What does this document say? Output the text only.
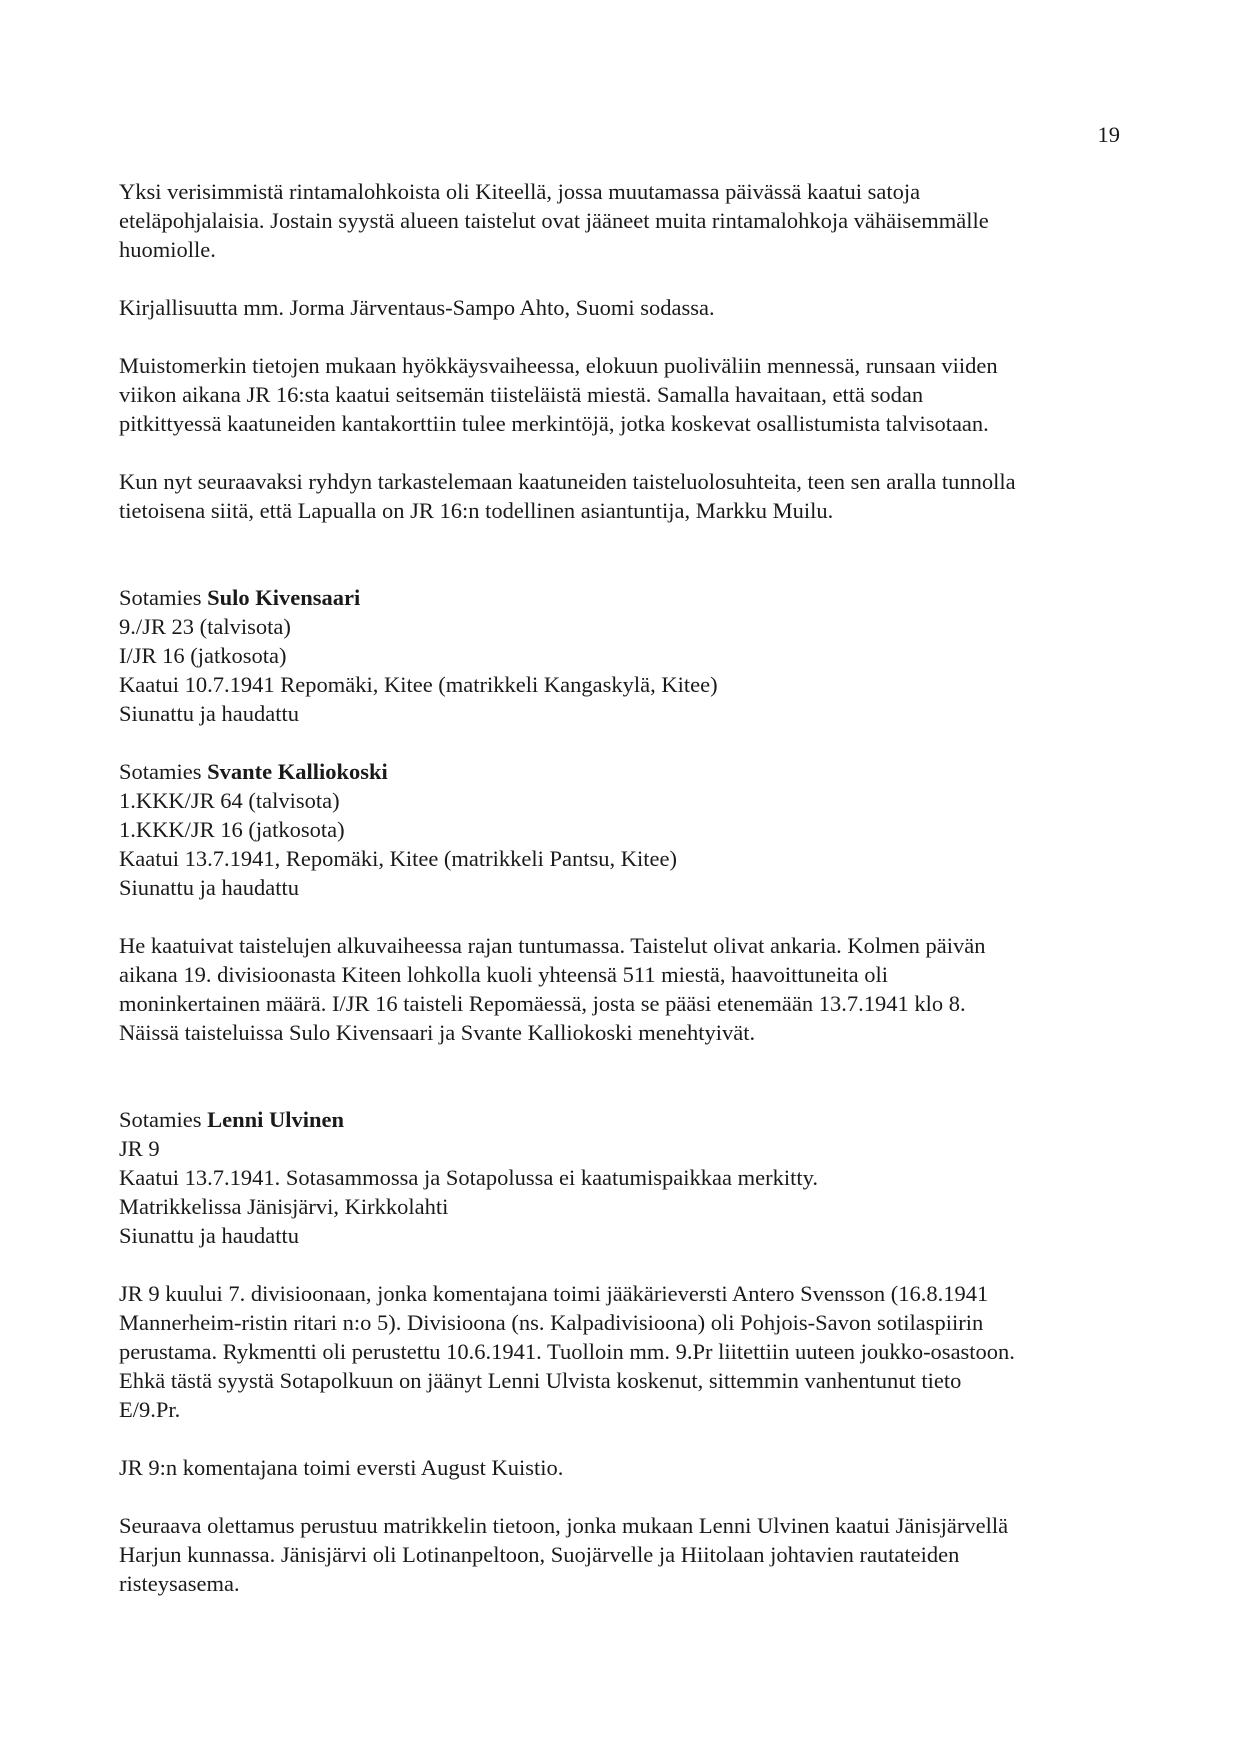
19

Yksi verisimmistä rintamalohkoista oli Kiteellä, jossa muutamassa päivässä kaatui satoja
eteläpohjalaisia. Jostain syystä alueen taistelut ovat jääneet muita rintamalohkoja vähäisemmälle
huomiolle.

Kirjallisuutta mm. Jorma Järventaus-Sampo Ahto, Suomi sodassa.

Muistomerkin tietojen mukaan hyökkäysvaiheessa, elokuun puoliväliin mennessä, runsaan viiden
viikon aikana JR 16:sta kaatui seitsemän tiisteläistä miestä. Samalla havaitaan, että sodan
pitkittyessä kaatuneiden kantakorttiin tulee merkintöjä, jotka koskevat osallistumista talvisotaan.

Kun nyt seuraavaksi ryhdyn tarkastelemaan kaatuneiden taisteluolosuhteita, teen sen aralla tunnolla
tietoisena siitä, että Lapualla on JR 16:n todellinen asiantuntija, Markku Muilu.

Sotamies Sulo Kivensaari
9./JR 23 (talvisota)
I/JR 16 (jatkosota)
Kaatui 10.7.1941 Repomäki, Kitee (matrikkeli Kangaskylä, Kitee)
Siunattu ja haudattu
Sotamies Svante Kalliokoski
1.KKK/JR 64 (talvisota)
1.KKK/JR 16 (jatkosota)
Kaatui 13.7.1941, Repomäki, Kitee (matrikkeli Pantsu, Kitee)
Siunattu ja haudattu

He kaatuivat taistelujen alkuvaiheessa rajan tuntumassa. Taistelut olivat ankaria. Kolmen päivän
aikana 19. divisioonasta Kiteen lohkolla kuoli yhteensä 511 miestä, haavoittuneita oli
moninkertainen määrä. I/JR 16 taisteli Repomäessä, josta se pääsi etenemään 13.7.1941 klo 8.
Näissä taisteluissa Sulo Kivensaari ja Svante Kalliokoski menehtyivät.

Sotamies Lenni Ulvinen
JR 9
Kaatui 13.7.1941. Sotasammossa ja Sotapolussa ei kaatumispaikkaa merkitty.
Matrikkelissa Jänisjärvi, Kirkkolahti
Siunattu ja haudattu

JR 9 kuului 7. divisioonaan, jonka komentajana toimi jääkärieversti Antero Svensson (16.8.1941
Mannerheim-ristin ritari n:o 5). Divisioona (ns. Kalpadivisioona) oli Pohjois-Savon sotilaspiirin
perustama. Rykmentti oli perustettu 10.6.1941. Tuolloin mm. 9.Pr liitettiin uuteen joukko-osastoon.
Ehkä tästä syystä Sotapolkuun on jäänyt Lenni Ulvista koskenut, sittemmin vanhentunut tieto
E/9.Pr.

JR 9:n komentajana toimi eversti August Kuistio.

Seuraava olettamus perustuu matrikkelin tietoon, jonka mukaan Lenni Ulvinen kaatui Jänisjärvellä
Harjun kunnassa. Jänisjärvi oli Lotinanpeltoon, Suojärvelle ja Hiitolaan johtavien rautateiden
risteysasema.
